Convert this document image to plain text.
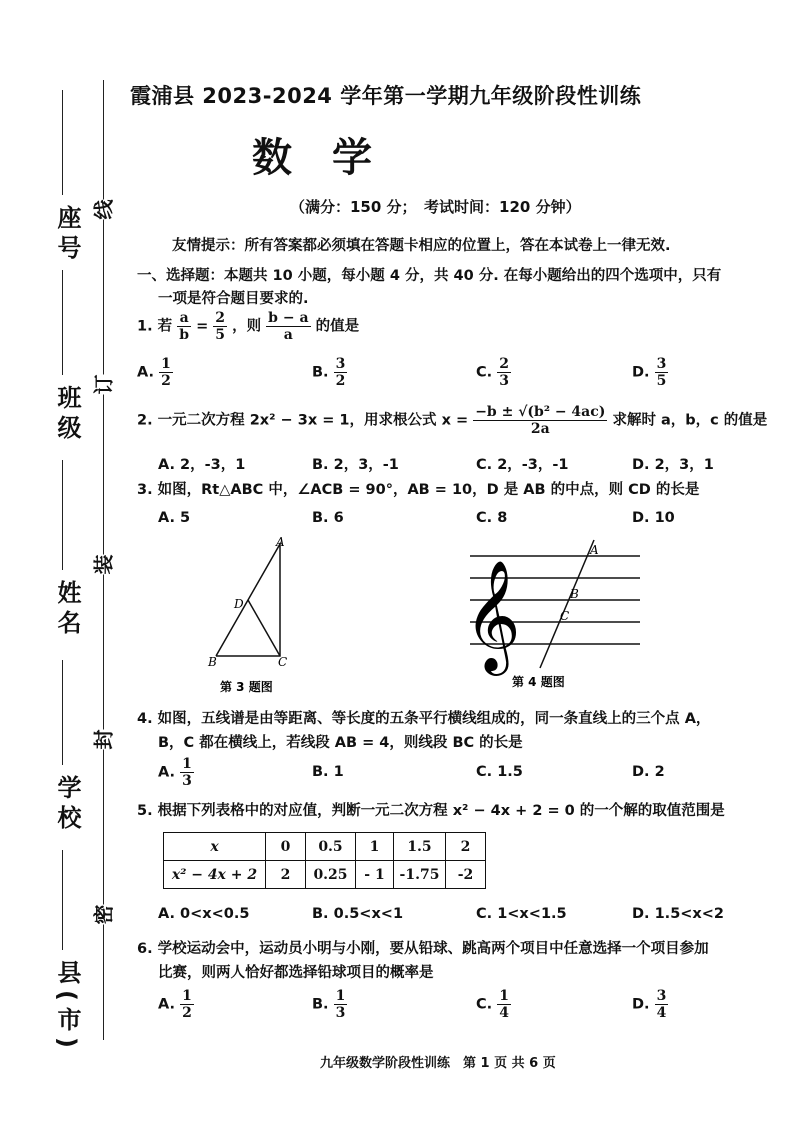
座号
班级
姓名
学校
县(市)
线
订
装
封
密
霞浦县 2023-2024 学年第一学期九年级阶段性训练
数学
（满分：150 分；　考试时间：120 分钟）
友情提示：所有答案都必须填在答题卡相应的位置上，答在本试卷上一律无效.
一、选择题：本题共 10 小题，每小题 4 分，共 40 分. 在每小题给出的四个选项中，只有
一项是符合题目要求的.
1. 若 $\frac{a}{b} = \frac{2}{5}$ ，则 $\frac{b - a}{a}$ 的值是
A. $\frac{1}{2}$	B. $\frac{3}{2}$	C. $\frac{2}{3}$	D. $\frac{3}{5}$
2. 一元二次方程 2x² − 3x = 1，用求根公式 $x = \frac{\text{−b ± √(b² − 4ac)}}{2a}$ 求解时 a，b，c 的值是
A. 2，-3，1	B. 2，3，-1	C. 2，-3，-1	D. 2，3，1
3. 如图，Rt△ABC 中，∠ACB = 90°，AB = 10，D 是 AB 的中点，则 CD 的长是
A. 5	B. 6	C. 8	D. 10
A
D
B	C
第 3 题图
𝄞
A
B
C
第 4 题图
4. 如图，五线谱是由等距离、等长度的五条平行横线组成的，同一条直线上的三个点 A，
B，C 都在横线上，若线段 AB = 4，则线段 BC 的长是
A. $\frac{1}{3}$	B. 1	C. 1.5	D. 2
5. 根据下列表格中的对应值，判断一元二次方程 x² − 4x + 2 = 0 的一个解的取值范围是
x	0	0.5	1	1.5	2
x² − 4x + 2	2	0.25	- 1	-1.75	-2
A. 0<x<0.5	B. 0.5<x<1	C. 1<x<1.5	D. 1.5<x<2
6. 学校运动会中，运动员小明与小刚，要从铅球、跳高两个项目中任意选择一个项目参加
比赛，则两人恰好都选择铅球项目的概率是
A. $\frac{1}{2}$	B. $\frac{1}{3}$	C. $\frac{1}{4}$	D. $\frac{3}{4}$
九年级数学阶段性训练　第 1 页 共 6 页
